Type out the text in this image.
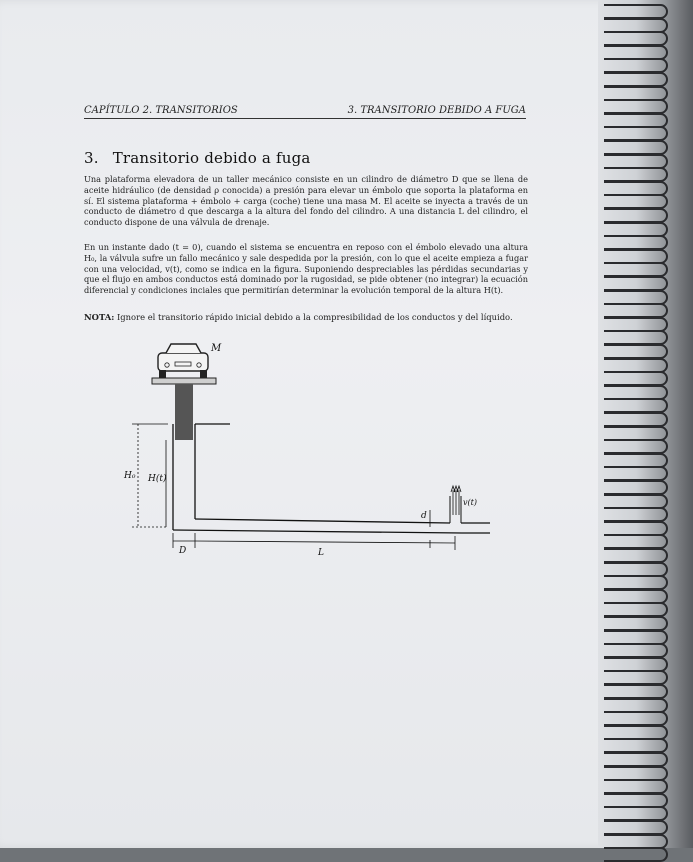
CAPÍTULO 2. TRANSITORIOS	3. TRANSITORIO DEBIDO A FUGA
3. Transitorio debido a fuga

Una plataforma elevadora de un taller mecánico consiste en un cilindro de diámetro D que se llena de aceite hidráulico (de densidad ρ conocida) a presión para elevar un émbolo que soporta la plataforma en sí. El sistema plataforma + émbolo + carga (coche) tiene una masa M. El aceite se inyecta a través de un conducto de diámetro d que descarga a la altura del fondo del cilindro. A una distancia L del cilindro, el conducto dispone de una válvula de drenaje.

En un instante dado (t = 0), cuando el sistema se encuentra en reposo con el émbolo elevado una altura H₀, la válvula sufre un fallo mecánico y sale despedida por la presión, con lo que el aceite empieza a fugar con una velocidad, v(t), como se indica en la figura. Suponiendo despreciables las pérdidas secundarias y que el flujo en ambos conductos está dominado por la rugosidad, se pide obtener (no integrar) la ecuación diferencial y condiciones inciales que permitirían determinar la evolución temporal de la altura H(t).

NOTA: Ignore el transitorio rápido inicial debido a la compresibilidad de los conductos y del líquido.

M
H₀ H(t)
d
v(t)
D	L
